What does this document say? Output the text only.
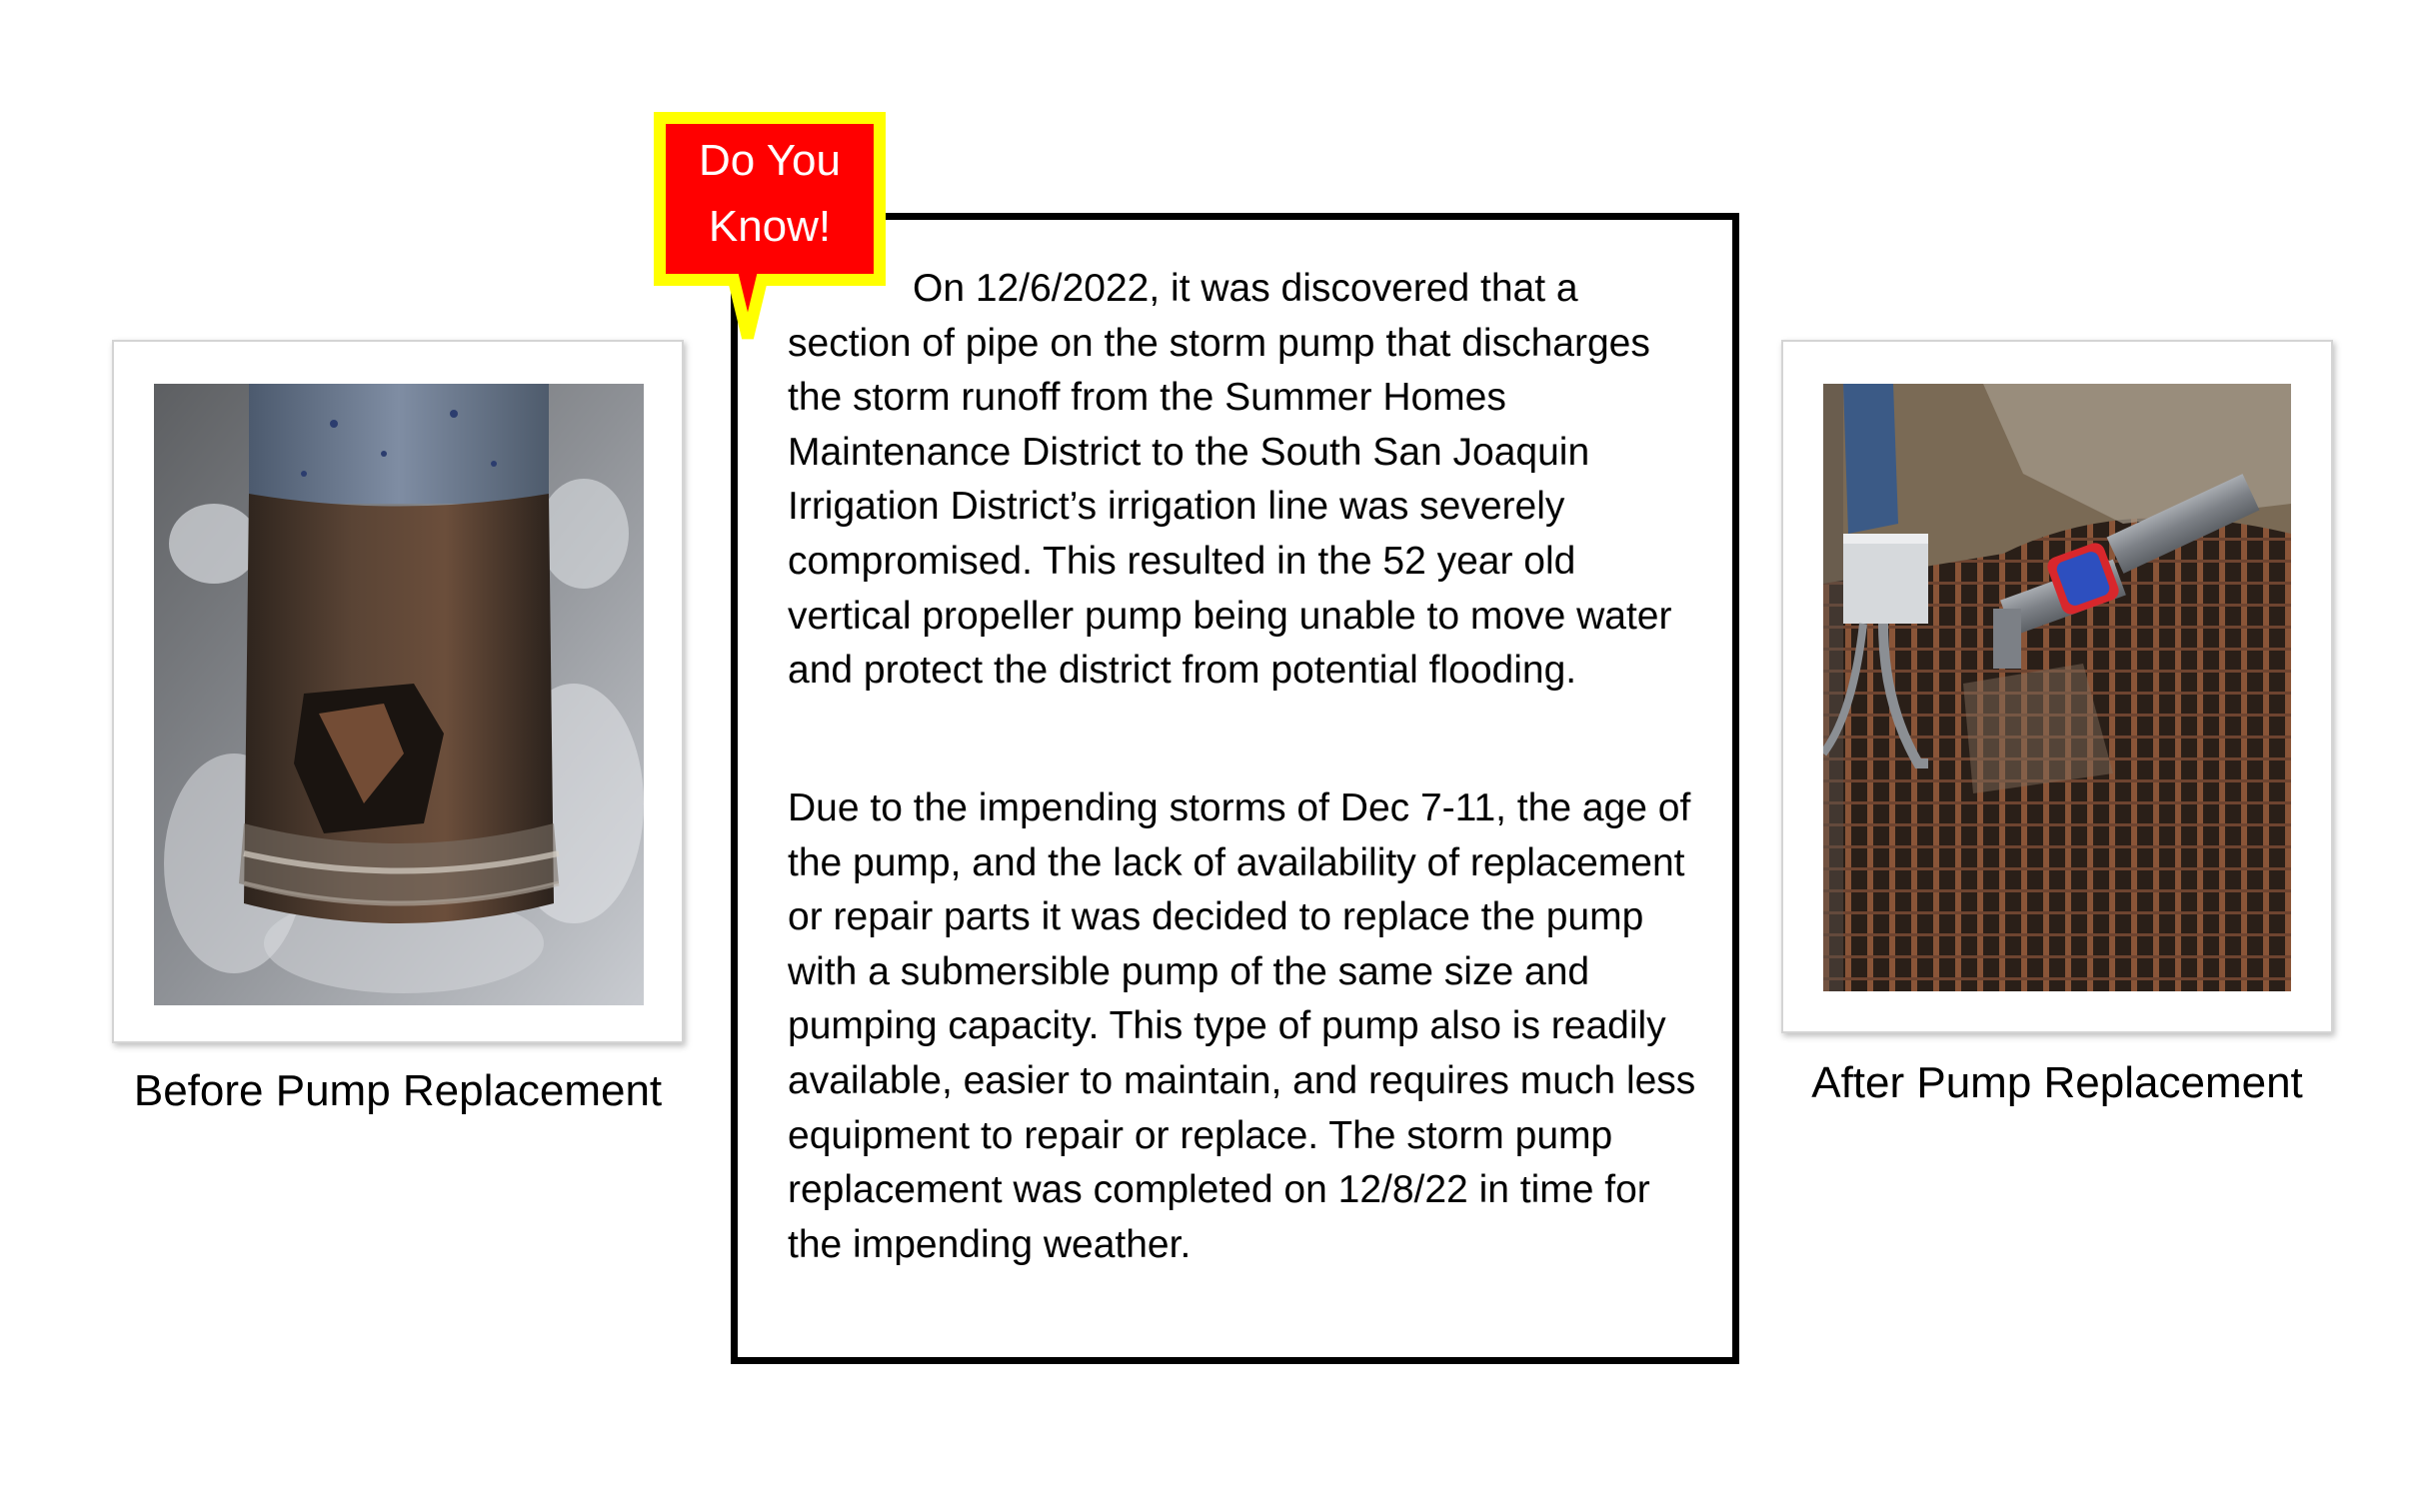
Before Pump Replacement	After Pump Replacement

On 12/6/2022, it was discovered that a section of pipe on the storm pump that discharges the storm runoff from the Summer Homes Maintenance District to the South San Joaquin Irrigation District’s irrigation line was severely compromised. This resulted in the 52 year old vertical propeller pump being unable to move water and protect the district from potential flooding.

Due to the impending storms of Dec 7-11, the age of the pump, and the lack of availability of replacement or repair parts it was decided to replace the pump with a submersible pump of the same size and pumping capacity. This type of pump also is readily available, easier to maintain, and requires much less equipment to repair or replace. The storm pump replacement was completed on 12/8/22 in time for the impending weather.

Do You
Know!
